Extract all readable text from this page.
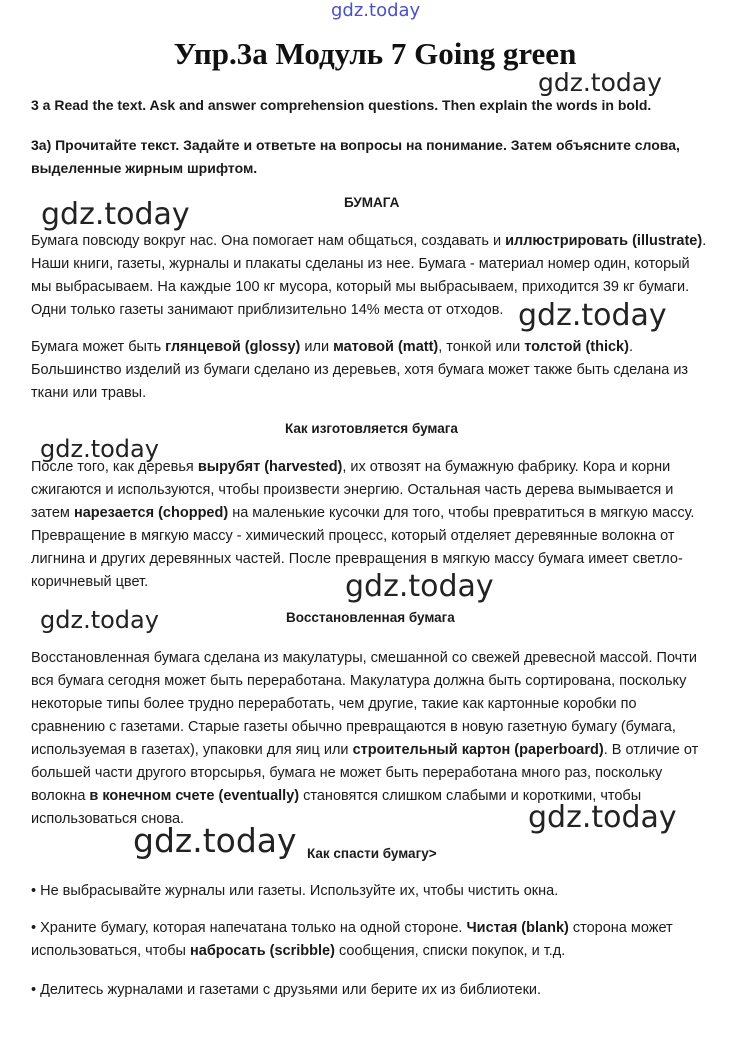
gdz.today
gdz.today
gdz.today
gdz.today
gdz.today
gdz.today
gdz.today
gdz.today
gdz.today
Упр.3а Модуль 7 Going green
3 a Read the text. Ask and answer comprehension questions. Then explain the words in bold.
3а) Прочитайте текст. Задайте и ответьте на вопросы на понимание. Затем объясните слова,
выделенные жирным шрифтом.
БУМАГА
Бумага повсюду вокруг нас. Она помогает нам общаться, создавать и иллюстрировать (illustrate).
Наши книги, газеты, журналы и плакаты сделаны из нее. Бумага - материал номер один, который
мы выбрасываем. На каждые 100 кг мусора, который мы выбрасываем, приходится 39 кг бумаги.
Одни только газеты занимают приблизительно 14% места от отходов.
Бумага может быть глянцевой (glossy) или матовой (matt), тонкой или толстой (thick).
Большинство изделий из бумаги сделано из деревьев, хотя бумага может также быть сделана из
ткани или травы.
Как изготовляется бумага
После того, как деревья вырубят (harvested), их отвозят на бумажную фабрику. Кора и корни
сжигаются и используются, чтобы произвести энергию. Остальная часть дерева вымывается и
затем нарезается (chopped) на маленькие кусочки для того, чтобы превратиться в мягкую массу.
Превращение в мягкую массу - химический процесс, который отделяет деревянные волокна от
лигнина и других деревянных частей. После превращения в мягкую массу бумага имеет светло-
коричневый цвет.
Восстановленная бумага
Восстановленная бумага сделана из макулатуры, смешанной со свежей древесной массой. Почти
вся бумага сегодня может быть переработана. Макулатура должна быть сортирована, поскольку
некоторые типы более трудно переработать, чем другие, такие как картонные коробки по
сравнению с газетами. Старые газеты обычно превращаются в новую газетную бумагу (бумага,
используемая в газетах), упаковки для яиц или строительный картон (paperboard). В отличие от
большей части другого вторсырья, бумага не может быть переработана много раз, поскольку
волокна в конечном счете (eventually) становятся слишком слабыми и короткими, чтобы
использоваться снова.
Как спасти бумагу>
• Не выбрасывайте журналы или газеты. Используйте их, чтобы чистить окна.
• Храните бумагу, которая напечатана только на одной стороне. Чистая (blank) сторона может
использоваться, чтобы набросать (scribble) сообщения, списки покупок, и т.д.
• Делитесь журналами и газетами с друзьями или берите их из библиотеки.
